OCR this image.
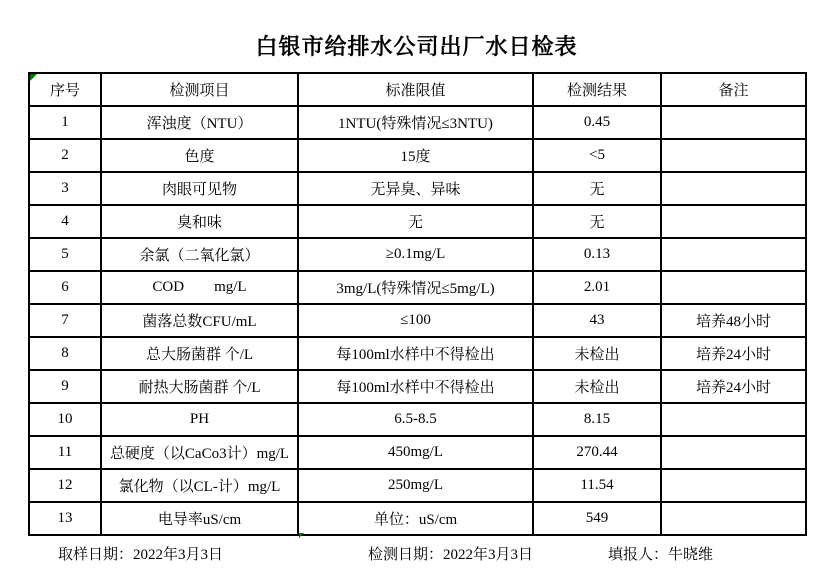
白银市给排水公司出厂水日检表
序号	检测项目	标准限值	检测结果	备注
1	浑浊度（NTU）	1NTU(特殊情况≤3NTU)	0.45	
2	色度	15度	<5	
3	肉眼可见物	无异臭、异味	无	
4	臭和味	无	无	
5	余氯（二氧化氯）	≥0.1mg/L	0.13	
6	COD        mg/L	3mg/L(特殊情况≤5mg/L)	2.01	
7	菌落总数CFU/mL	≤100	43	培养48小时
8	总大肠菌群 个/L	每100ml水样中不得检出	未检出	培养24小时
9	耐热大肠菌群 个/L	每100ml水样中不得检出	未检出	培养24小时
10	PH	6.5-8.5	8.15	
11	总硬度（以CaCo3计）mg/L	450mg/L	270.44	
12	氯化物（以CL-计）mg/L	250mg/L	11.54	
13	电导率uS/cm	单位：uS/cm	549	
取样日期：2022年3月3日	检测日期：2022年3月3日	填报人：牛晓维
